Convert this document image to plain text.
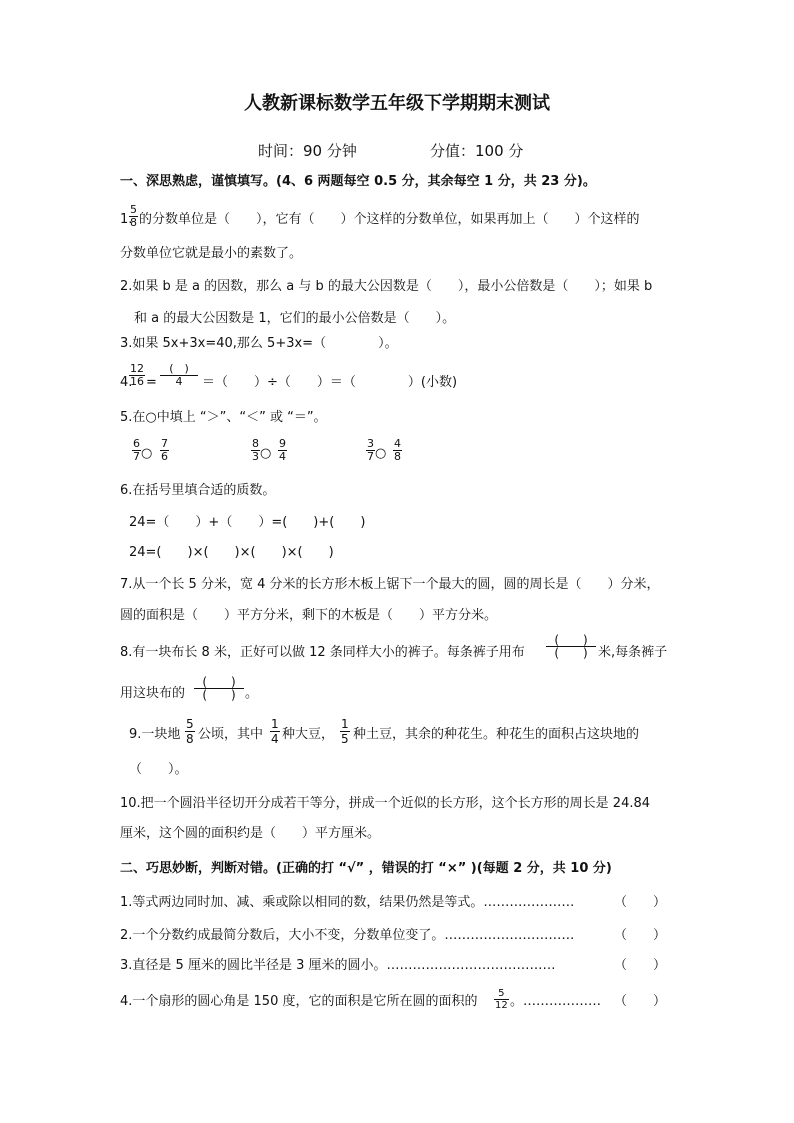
人教新课标数学五年级下学期期末测试
时间：90 分钟	分值：100 分
一、深思熟虑，谨慎填写。(4、6 两题每空 0.5 分，其余每空 1 分，共 23 分)。
1.
$\frac{5}{8}$ 的分数单位是（　　），它有（　　）个这样的分数单位，如果再加上（　　）个这样的
分数单位它就是最小的素数了。
2.如果 b 是 a 的因数，那么 a 与 b 的最大公因数是（　　），最小公倍数是（　　）；如果 b
和 a 的最大公因数是 1，它们的最小公倍数是（　　）。
3.如果 5x+3x=40,那么 5+3x=（　　　　）。
4.
$\frac{12}{16}$ =
(　)
4	＝（　　）÷（　　）＝（　　　　）(小数)
5.在○中填上 “＞”、“＜” 或 “＝”。
$\frac{6}{7}$ ○ $\frac{7}{6}$	$\frac{8}{3}$ ○ $\frac{9}{4}$	$\frac{3}{7}$ ○ $\frac{4}{8}$
6.在括号里填合适的质数。
24=（　　）+（　　）=(　　)+(　　)
24=(　　)×(　　)×(　　)×(　　)
7.从一个长 5 分米，宽 4 分米的长方形木板上锯下一个最大的圆，圆的周长是（　　）分米，
圆的面积是（　　）平方分米，剩下的木板是（　　）平方分米。
8.有一块布长 8 米，正好可以做 12 条同样大小的裤子。每条裤子用布
(　　)
(　　) 米,每条裤子
用这块布的
(　　)
(　　) 。
9.一块地 $\frac{5}{8}$ 公顷，其中 $\frac{1}{4}$ 种大豆， $\frac{1}{5}$ 种土豆，其余的种花生。种花生的面积占这块地的
（　　）。
10.把一个圆沿半径切开分成若干等分，拼成一个近似的长方形，这个长方形的周长是 24.84
厘米，这个圆的面积约是（　　）平方厘米。
二、巧思妙断，判断对错。(正确的打 “√” ，错误的打 “×” )(每题 2 分，共 10 分)
1.等式两边同时加、减、乘或除以相同的数，结果仍然是等式。…………………	（　　）
2.一个分数约成最简分数后，大小不变，分数单位变了。…………………………	（　　）
3.直径是 5 厘米的圆比半径是 3 厘米的圆小。…………………………………	（　　）
4.一个扇形的圆心角是 150 度，它的面积是它所在圆的面积的 $\frac{5}{12}$ 。……………… （　　）
